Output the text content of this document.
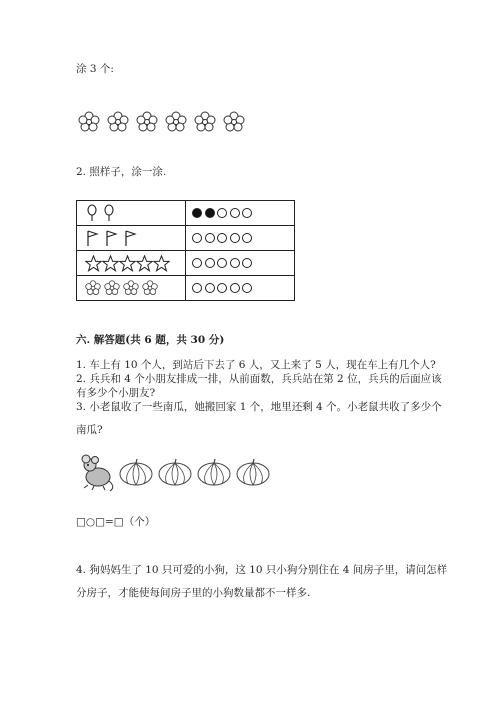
涂 3 个:
2. 照样子，涂一涂.

六. 解答题(共 6 题，共 30 分)
1. 车上有 10 个人，到站后下去了 6 人，又上来了 5 人，现在车上有几个人?
2. 兵兵和 4 个小朋友排成一排，从前面数，兵兵站在第 2 位，兵兵的后面应该
有多少个小朋友?
3. 小老鼠收了一些南瓜，她搬回家 1 个，地里还剩 4 个。小老鼠共收了多少个
南瓜?
□○□=□（个）
4. 狗妈妈生了 10 只可爱的小狗，这 10 只小狗分别住在 4 间房子里，请问怎样
分房子，才能使每间房子里的小狗数量都不一样多.
